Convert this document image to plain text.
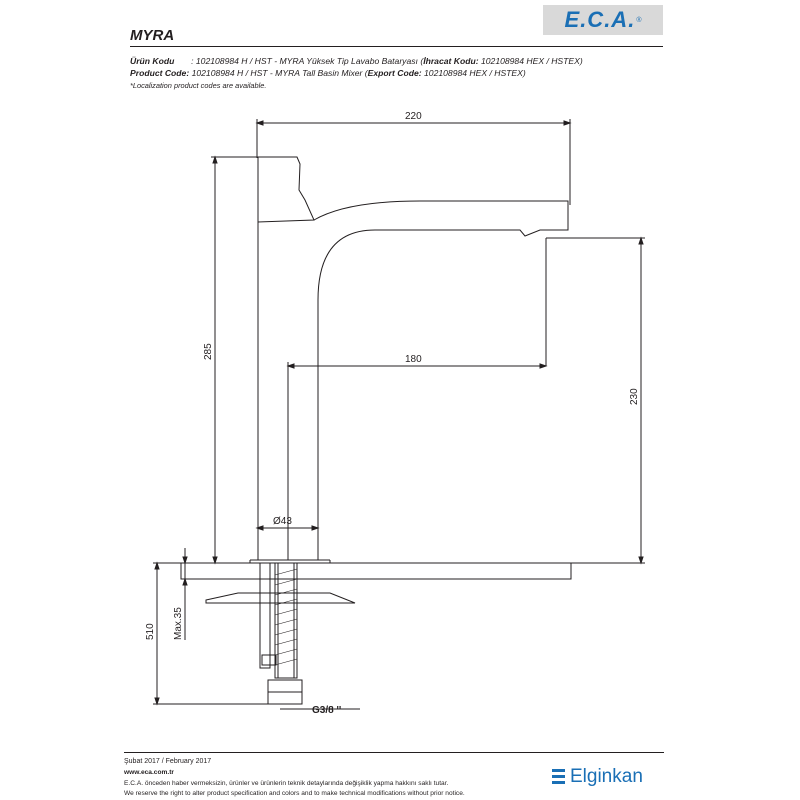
E.C.A. ®
MYRA
Ürün Kodu : 102108984 H / HST - MYRA Yüksek Tip Lavabo Bataryası (İhracat Kodu: 102108984 HEX / HSTEX)
Product Code: 102108984 H / HST - MYRA Tall Basin Mixer (Export Code: 102108984 HEX / HSTEX)
*Localization product codes are available.
220
285	180
230
Ø43
510 Max.35
G3/8 ''
Şubat 2017 / February 2017
www.eca.com.tr
E.C.A. önceden haber vermeksizin, ürünler ve ürünlerin teknik detaylarında değişiklik yapma hakkını saklı tutar.
We reserve the right to alter product specification and colors and to make technical modifications without prior notice.
Elginkan
